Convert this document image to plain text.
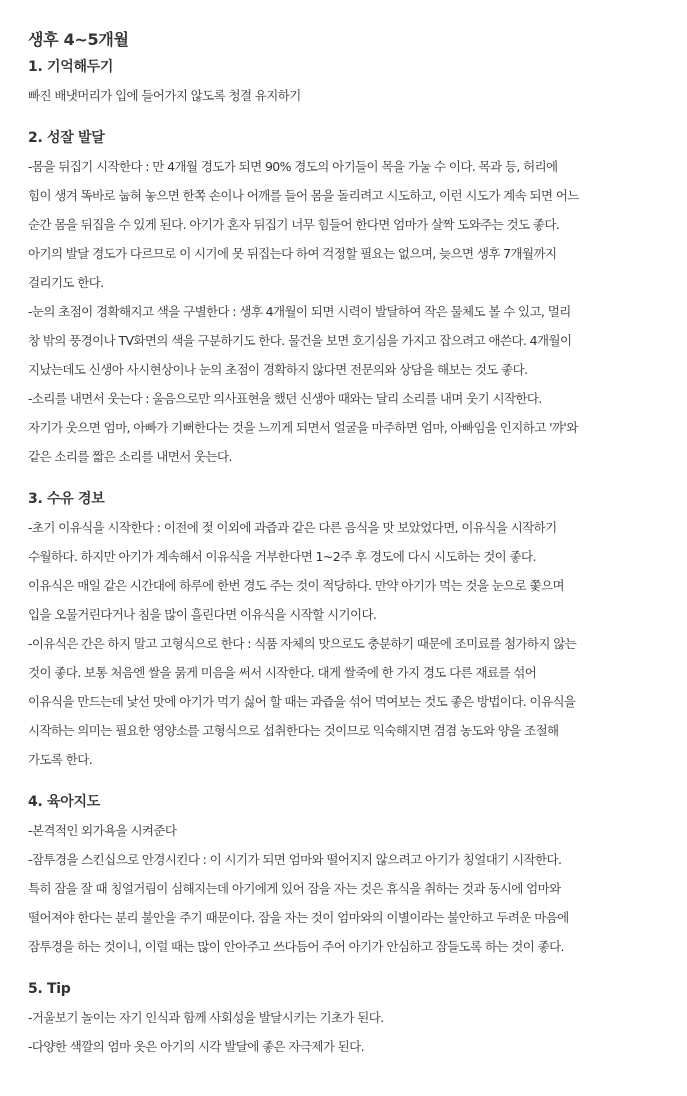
생후 4~5개월
1. 기억해두기
빠진 배냇머리가 입에 들어가지 않도록 청결 유지하기
2. 성잘 발달
-몸을 뒤집기 시작한다 : 만 4개월 경도가 되면 90% 경도의 아기들이 목을 가눌 수 이다. 목과 등, 허리에
힘이 생겨 똑바로 눕혀 놓으면 한쪽 손이나 어깨를 들어 몸을 돌리려고 시도하고, 이런 시도가 계속 되면 어느
순간 몸을 뒤집을 수 있게 된다. 아기가 혼자 뒤집기 너무 힘들어 한다면 엄마가 살짝 도와주는 것도 좋다.
아기의 발달 경도가 다르므로 이 시기에 못 뒤집는다 하여 걱정할 필요는 없으며, 늦으면 생후 7개월까지
걸리기도 한다.
-눈의 초점이 경확해지고 색을 구별한다 : 생후 4개월이 되면 시력이 발달하여 작은 물체도 볼 수 있고, 멀리
창 밖의 풍경이나 TV화면의 색을 구분하기도 한다. 물건을 보면 호기심을 가지고 잡으려고 애쓴다. 4개월이
지났는데도 신생아 사시현상이나 눈의 초점이 경확하지 않다면 전문의와 상담을 해보는 것도 좋다.
-소리를 내면서 웃는다 : 울음으로만 의사표현을 했던 신생아 때와는 달리 소리를 내며 웃기 시작한다.
자기가 웃으면 엄마, 아빠가 기뻐한다는 것을 느끼게 되면서 얼굴을 마주하면 엄마, 아빠임을 인지하고 '꺄'와
같은 소리를 짧은 소리를 내면서 웃는다.
3. 수유 경보
-초기 이유식을 시작한다 : 이전에 젖 이외에 과즙과 같은 다른 음식을 맛 보았었다면, 이유식을 시작하기
수월하다. 하지만 아기가 계속해서 이유식을 거부한다면 1~2주 후 경도에 다시 시도하는 것이 좋다.
이유식은 매일 같은 시간대에 하루에 한번 경도 주는 것이 적당하다. 만약 아기가 먹는 것을 눈으로 쫓으며
입을 오물거린다거나 침을 많이 흘린다면 이유식을 시작할 시기이다.
-이유식은 간은 하지 말고 고형식으로 한다 : 식품 자체의 맛으로도 충분하기 때문에 조미료를 첨가하지 않는
것이 좋다. 보통 처음엔 쌀을 묽게 미음을 써서 시작한다. 대게 쌀죽에 한 가지 경도 다른 재료를 섞어
이유식을 만드는데 낯선 맛에 아기가 먹기 싫어 할 때는 과즙을 섞어 먹여보는 것도 좋은 방법이다. 이유식을
시작하는 의미는 필요한 영양소를 고형식으로 섭취한다는 것이므로 익숙해지면 겸겸 농도와 양을 조절해
가도록 한다.
4. 육아지도
-본격적인 외가욕을 시켜준다
-잠투경을 스킨십으로 안경시킨다 : 이 시기가 되면 엄마와 떨어지지 않으려고 아기가 칭얼대기 시작한다.
특히 잠을 잘 때 칭얼거림이 심해지는데 아기에게 있어 잠을 자는 것은 휴식을 취하는 것과 동시에 엄마와
떨어져야 한다는 분리 불안을 주기 때문이다. 잠을 자는 것이 엄마와의 이별이라는 불안하고 두려운 마음에
잠투경을 하는 것이니, 이럴 때는 많이 안아주고 쓰다듬어 주어 아기가 안심하고 잠들도록 하는 것이 좋다.
5. Tip
-거울보기 놀이는 자기 인식과 함께 사회성을 발달시키는 기초가 된다.
-다양한 색깔의 엄마 옷은 아기의 시각 발달에 좋은 자극제가 된다.
